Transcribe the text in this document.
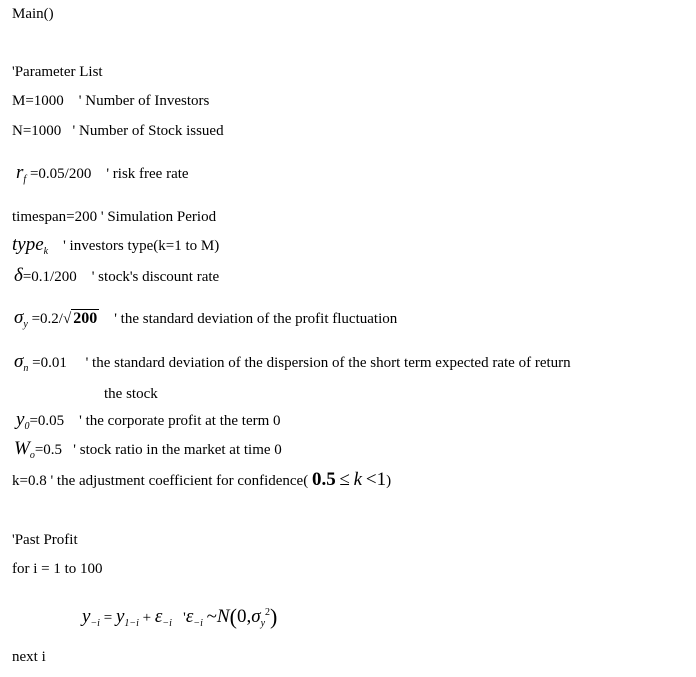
Main()
'Parameter List
M=1000 ' Number of Investors
N=1000 ' Number of Stock issued
$r_f =0.05/200$ ' risk free rate
timespan=200 ' Simulation Period
type$_k$ ' investors type(k=1 to M)
δ=0.1/200 ' stock's discount rate
$\sigma_y =0.2/√$ 200 ' the standard deviation of the profit fluctuation
$\sigma_n =0.01$ ' the standard deviation of the dispersion of the short term expected rate of return
the stock
$y_0=0.05$ ' the corporate profit at the term 0
$W_o=0.5$ ' stock ratio in the market at time 0
k=0.8 ' the adjustment coefficient for confidence( 0.5 ≤ k <1)
'Past Profit
for i = 1 to 100
$y_{-i} = y_{1-i} + \varepsilon_{-i}$ '$\varepsilon_{-i}$ $\sim N(0,\sigma_y^2)$
next i
